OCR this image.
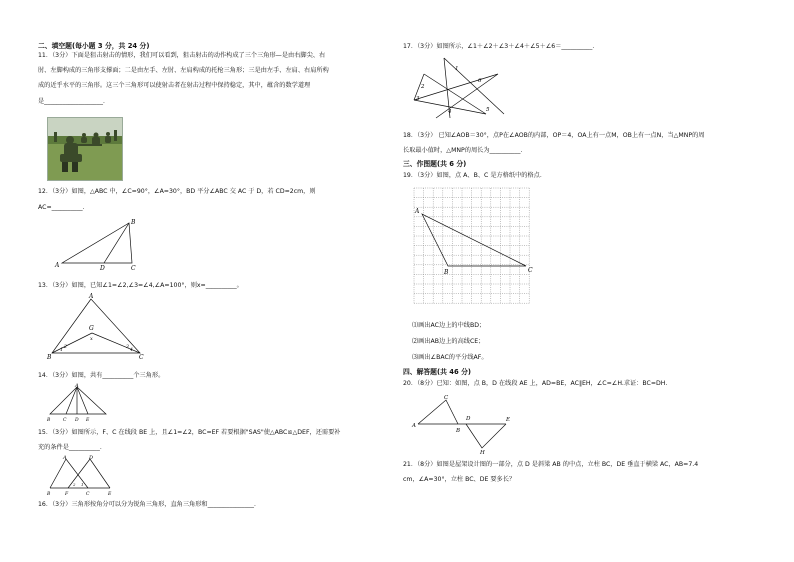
二、填空题(每小题 3 分，共 24 分)
11．（3分）下面是狙击射击的情形，我们可以看到，狙击射击的动作构成了三个三角形—是由右脚尖、右
肘、左脚构成的三角形支撑面；二是由左手、左肘、左肩构成的托枪三角形；三是由左手、左肩、右肩所构
成的近乎水平的三角形。这三个三角形可以使射击者在射击过程中保持稳定，其中，蕴含的数学道理
是___________________．
12．（3分）如图，△ABC 中，∠C=90°，∠A=30°，BD 平分∠ABC 交 AC 于 D，若 CD=2cm，则
AC=__________．
A
B
C
D
13．（3分）如图，已知∠1=∠2,∠3=∠4,∠A=100°，则x=__________。
A
B	C
G
x
1
2	3
4
14．（3分）如图，共有__________个三角形。
A
B	C D E
15．（3分）如图所示，F、C 在线段 BE 上，且∠1=∠2，BC=EF 若要根据"SAS"使△ABC≌△DEF，还需要补
充的条件是__________．
A	D
B	F	C	E
1
2
16．（3分）三角形按角分可以分为锐角三角形，直角三角形和_______________．
17．（3分）如图所示，∠1＋∠2＋∠3＋∠4＋∠5＋∠6＝__________．
1
2
3
4	5
6
18．（3分） 已知∠AOB＝30°，点P在∠AOB的内部，OP＝4，OA上有一点M，OB上有一点N，当△MNP的周
长取最小值时，△MNP的周长为__________．
三、作图题(共 6 分)
19．（3分）如图，点 A、B、C 是方格纸中的格点．
A
B	C
⑴画出AC边上的中线BD；
⑵画出AB边上的高线CE；
⑶画出∠BAC的平分线AF。
四、解答题(共 46 分)
20．（8分）已知：如图，点 B，D 在线段 AE 上，AD=BE，AC∥EH，∠C=∠H.求证：BC=DH.
A
C
B
D	E
H
21．（8分）如图是屋架设计图的一部分，点 D 是斜梁 AB 的中点，立柱 BC，DE 垂直于横梁 AC，AB=7.4
cm，∠A=30°，立柱 BC、DE 要多长？
